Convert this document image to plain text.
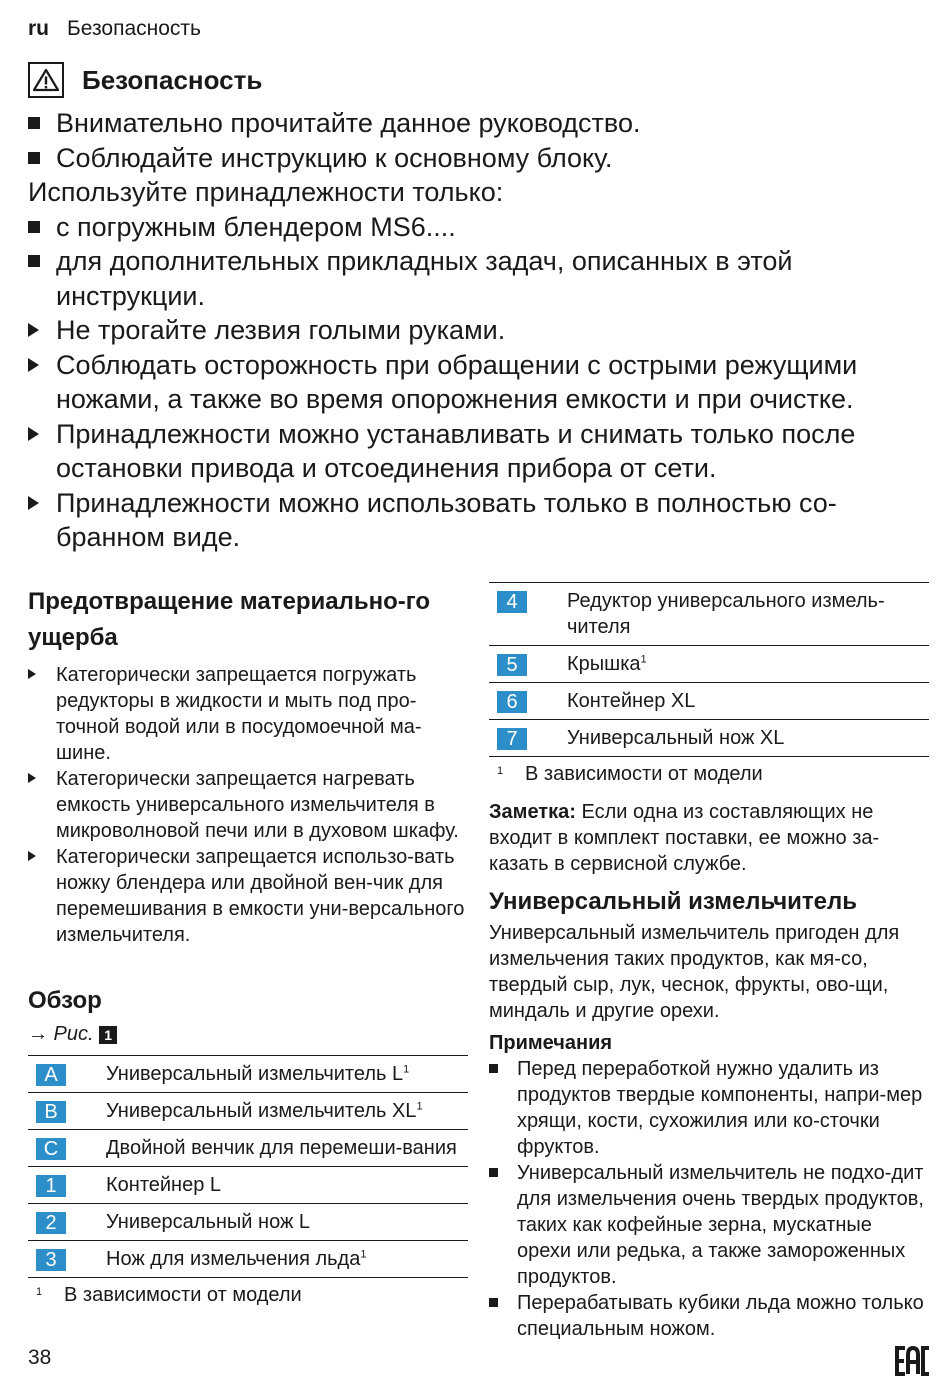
ru Безопасность
Безопасность
Внимательно прочитайте данное руководство.
Соблюдайте инструкцию к основному блоку.
Используйте принадлежности только:
с погружным блендером MS6....
для дополнительных прикладных задач, описанных в этой инструкции.
Не трогайте лезвия голыми руками.
Соблюдать осторожность при обращении с острыми режущими ножами, а также во время опорожнения емкости и при очистке.
Принадлежности можно устанавливать и снимать только после остановки привода и отсоединения прибора от сети.
Принадлежности можно использовать только в полностью со-бранном виде.
Предотвращение материально-го ущерба
Категорически запрещается погружать редукторы в жидкости и мыть под про-точной водой или в посудомоечной ма-шине.
Категорически запрещается нагревать емкость универсального измельчителя в микроволновой печи или в духовом шкафу.
Категорически запрещается использо-вать ножку блендера или двойной вен-чик для перемешивания в емкости уни-версального измельчителя.
Обзор
→ Рис. 1
A	Универсальный измельчитель $L^1$
B	Универсальный измельчитель $XL^1$
C	Двойной венчик для перемеши-вания
1	Контейнер L
2	Универсальный нож L
3	Нож для измельчения льда$^1$
1	В зависимости от модели
4	Редуктор универсального измель-чителя
5	Крышка$^1$
6	Контейнер XL
7	Универсальный нож XL
1	В зависимости от модели
Заметка: Если одна из составляющих не входит в комплект поставки, ее можно за-казать в сервисной службе.
Универсальный измельчитель
Универсальный измельчитель пригоден для измельчения таких продуктов, как мя-со, твердый сыр, лук, чеснок, фрукты, ово-щи, миндаль и другие орехи.
Примечания
Перед переработкой нужно удалить из продуктов твердые компоненты, напри-мер хрящи, кости, сухожилия или ко-сточки фруктов.
Универсальный измельчитель не подхо-дит для измельчения очень твердых продуктов, таких как кофейные зерна, мускатные орехи или редька, а также замороженных продуктов.
Перерабатывать кубики льда можно только специальным ножом.
38
